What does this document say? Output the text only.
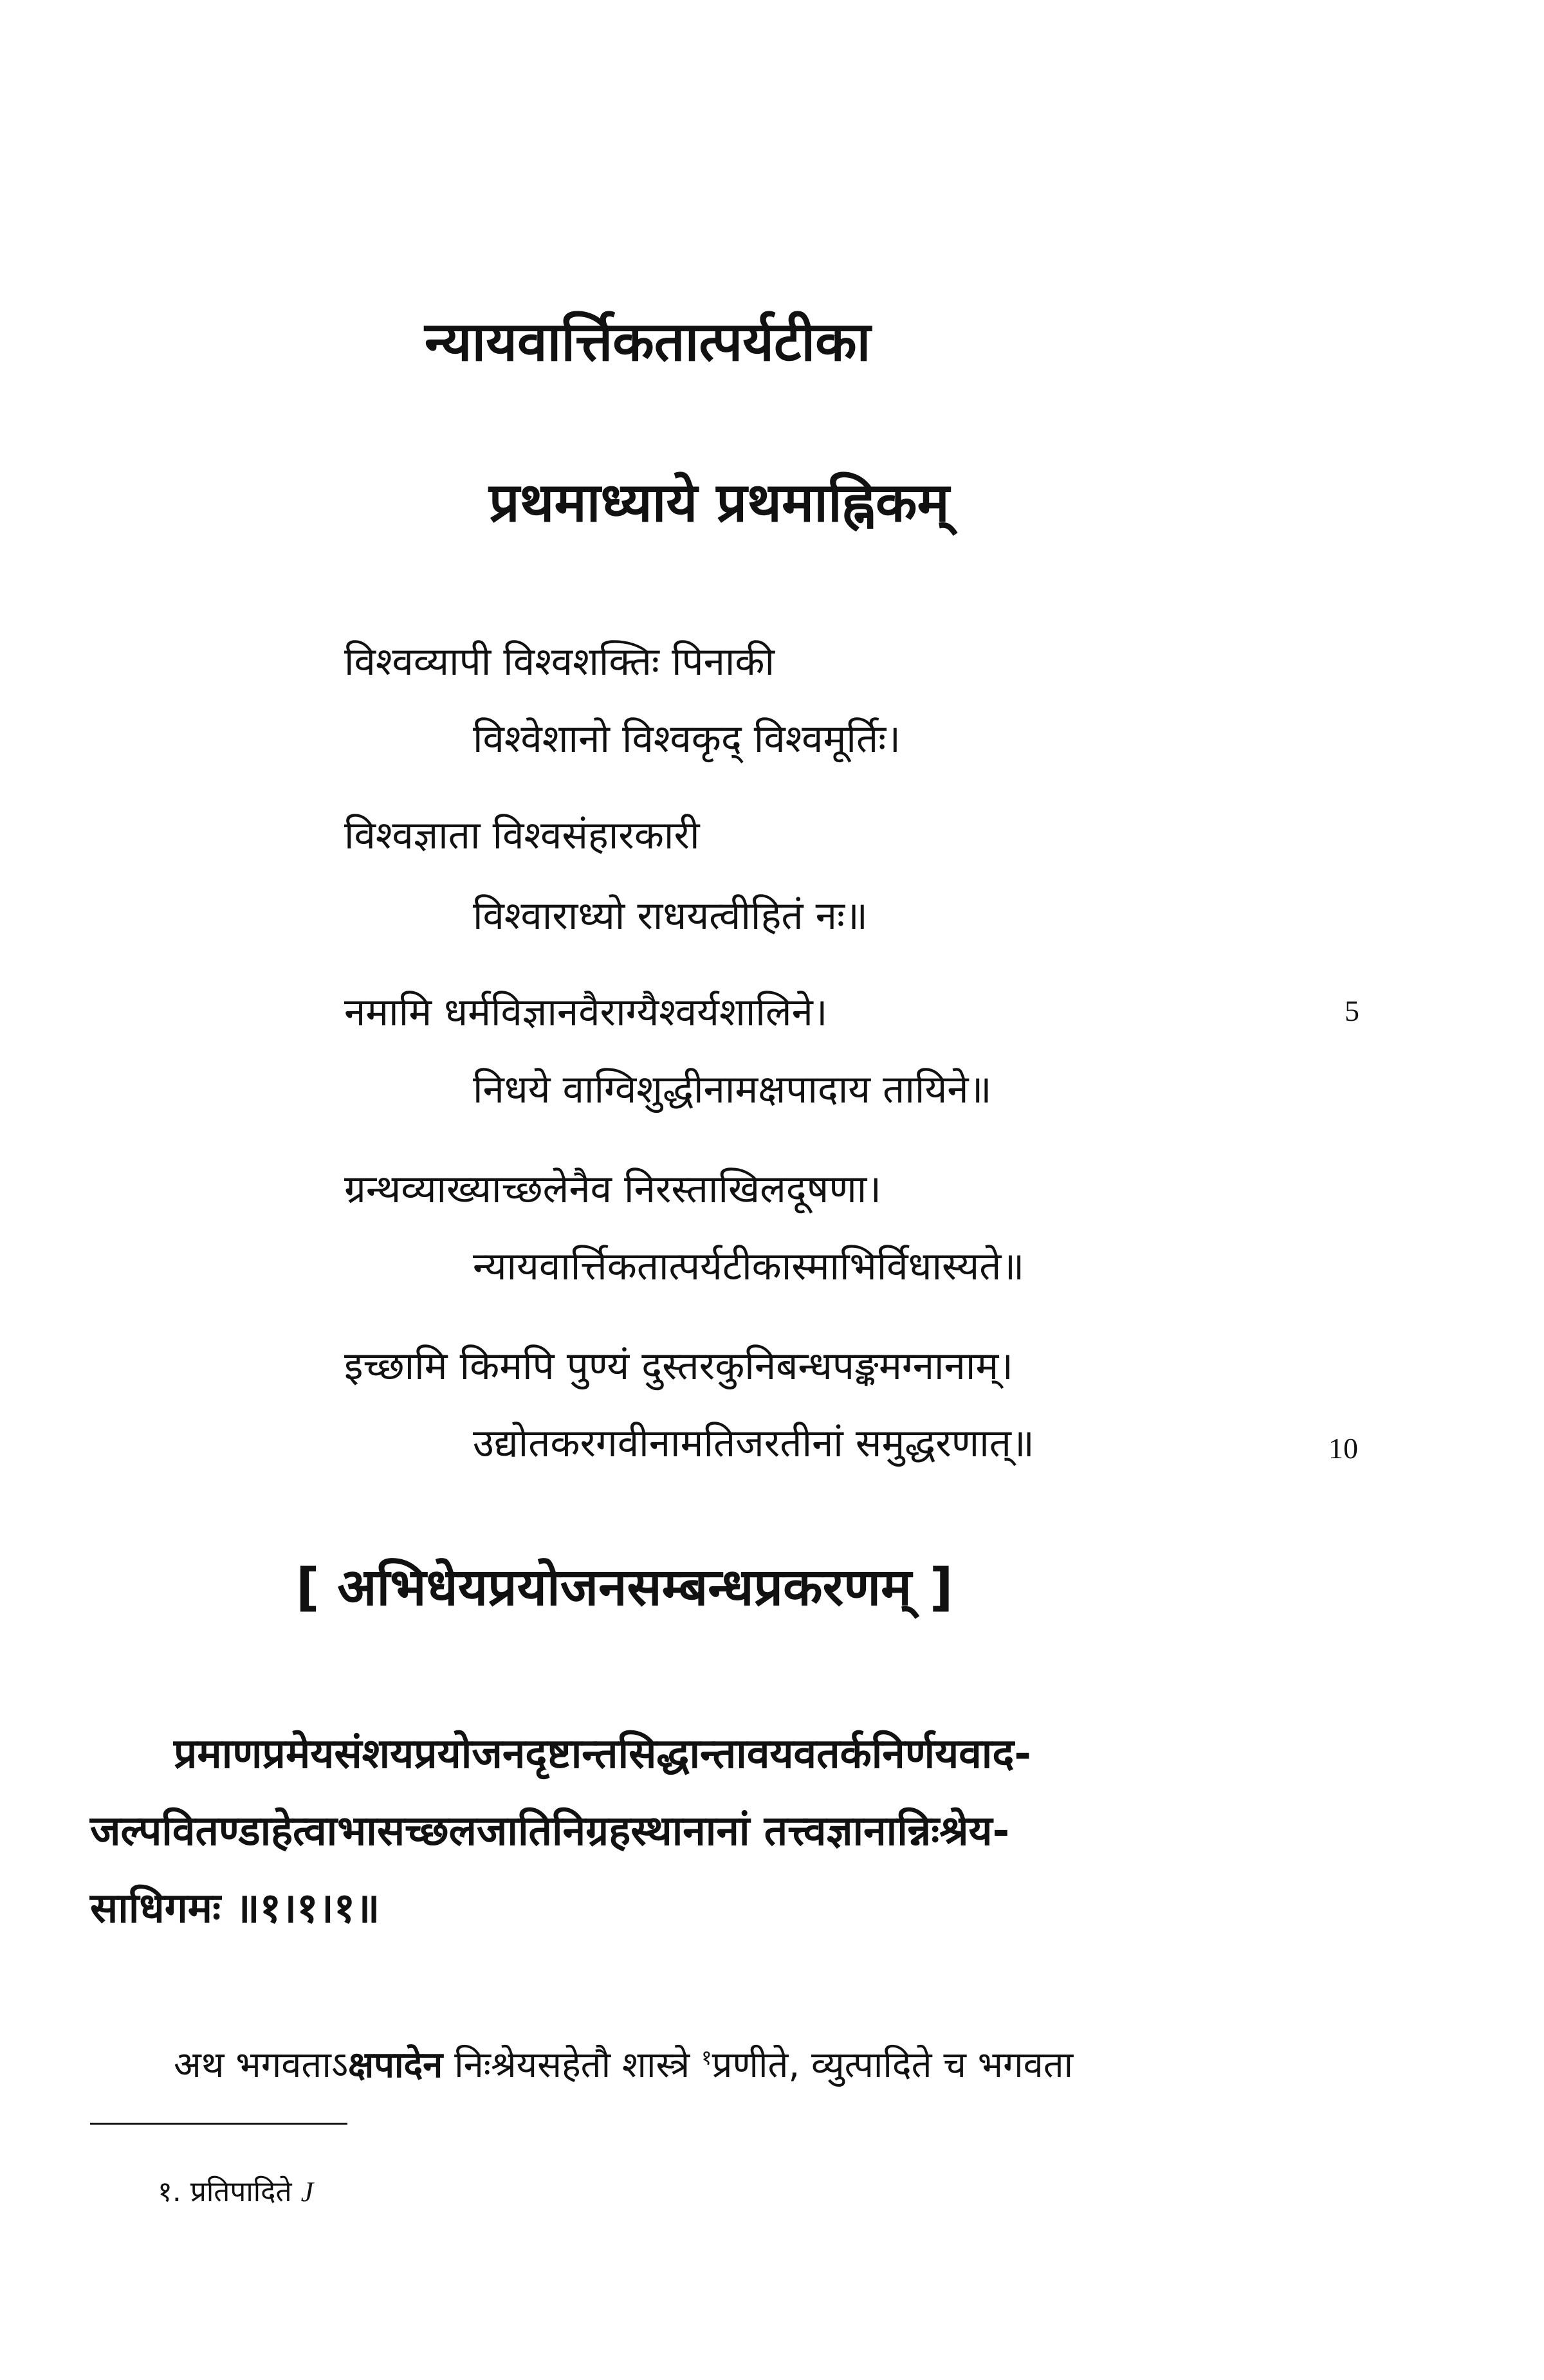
न्यायवार्त्तिकतात्पर्यटीका
प्रथमाध्याये प्रथमाह्निकम्
विश्वव्यापी विश्वशक्तिः पिनाकी
विश्वेशानो विश्वकृद् विश्वमूर्तिः।
विश्वज्ञाता विश्वसंहारकारी
विश्वाराध्यो राधयत्वीहितं नः॥
नमामि धर्मविज्ञानवैराग्यैश्वर्यशालिने।	5
निधये वाग्विशुद्धीनामक्षपादाय तायिने॥
ग्रन्थव्याख्याच्छलेनैव निरस्ताखिलदूषणा।
न्यायवार्त्तिकतात्पर्यटीकास्माभिर्विधास्यते॥
इच्छामि किमपि पुण्यं दुस्तरकुनिबन्धपङ्कमग्नानाम्।
उद्योतकरगवीनामतिजरतीनां समुद्धरणात्॥	10
[ अभिधेयप्रयोजनसम्बन्धप्रकरणम् ]
प्रमाणप्रमेयसंशयप्रयोजनदृष्टान्तसिद्धान्तावयवतर्कनिर्णयवाद-
जल्पवितण्डाहेत्वाभासच्छलजातिनिग्रहस्थानानां तत्त्वज्ञानान्निःश्रेय-
साधिगमः ॥१।१।१॥
अथ भगवताऽक्षपादेन निःश्रेयसहेतौ शास्त्रे $^१$प्रणीते, व्युत्पादिते च भगवता
१. प्रतिपादिते J
